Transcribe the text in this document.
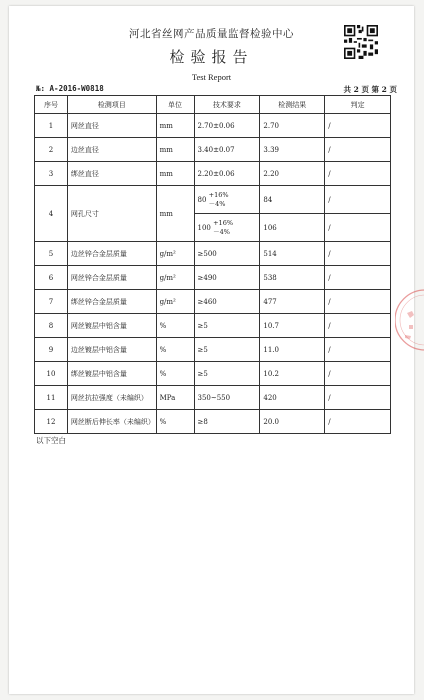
河北省丝网产品质量监督检验中心
检验报告
Test Report
№: A-2016-W0818	共 2 页 第 2 页
序号	检测项目	单位	技术要求	检测结果	判定
1	网丝直径	mm	2.70±0.06	2.70	/
2	边丝直径	mm	3.40±0.07	3.39	/
3	绑丝直径	mm	2.20±0.06	2.20	/
4	网孔尺寸	mm	80 +16%
－4%	84	/
			100 +16%
－4%	106	/
5	边丝锌合金层质量	g/m²	≥500	514	/
6	网丝锌合金层质量	g/m²	≥490	538	/
7	绑丝锌合金层质量	g/m²	≥460	477	/
8	网丝镀层中铝含量	%	≥5	10.7	/
9	边丝镀层中铝含量	%	≥5	11.0	/
10	绑丝镀层中铝含量	%	≥5	10.2	/
11	网丝抗拉强度（未编织）	MPa	350~550	420	/
12	网丝断后伸长率（未编织）	%	≥8	20.0	/
以下空白
